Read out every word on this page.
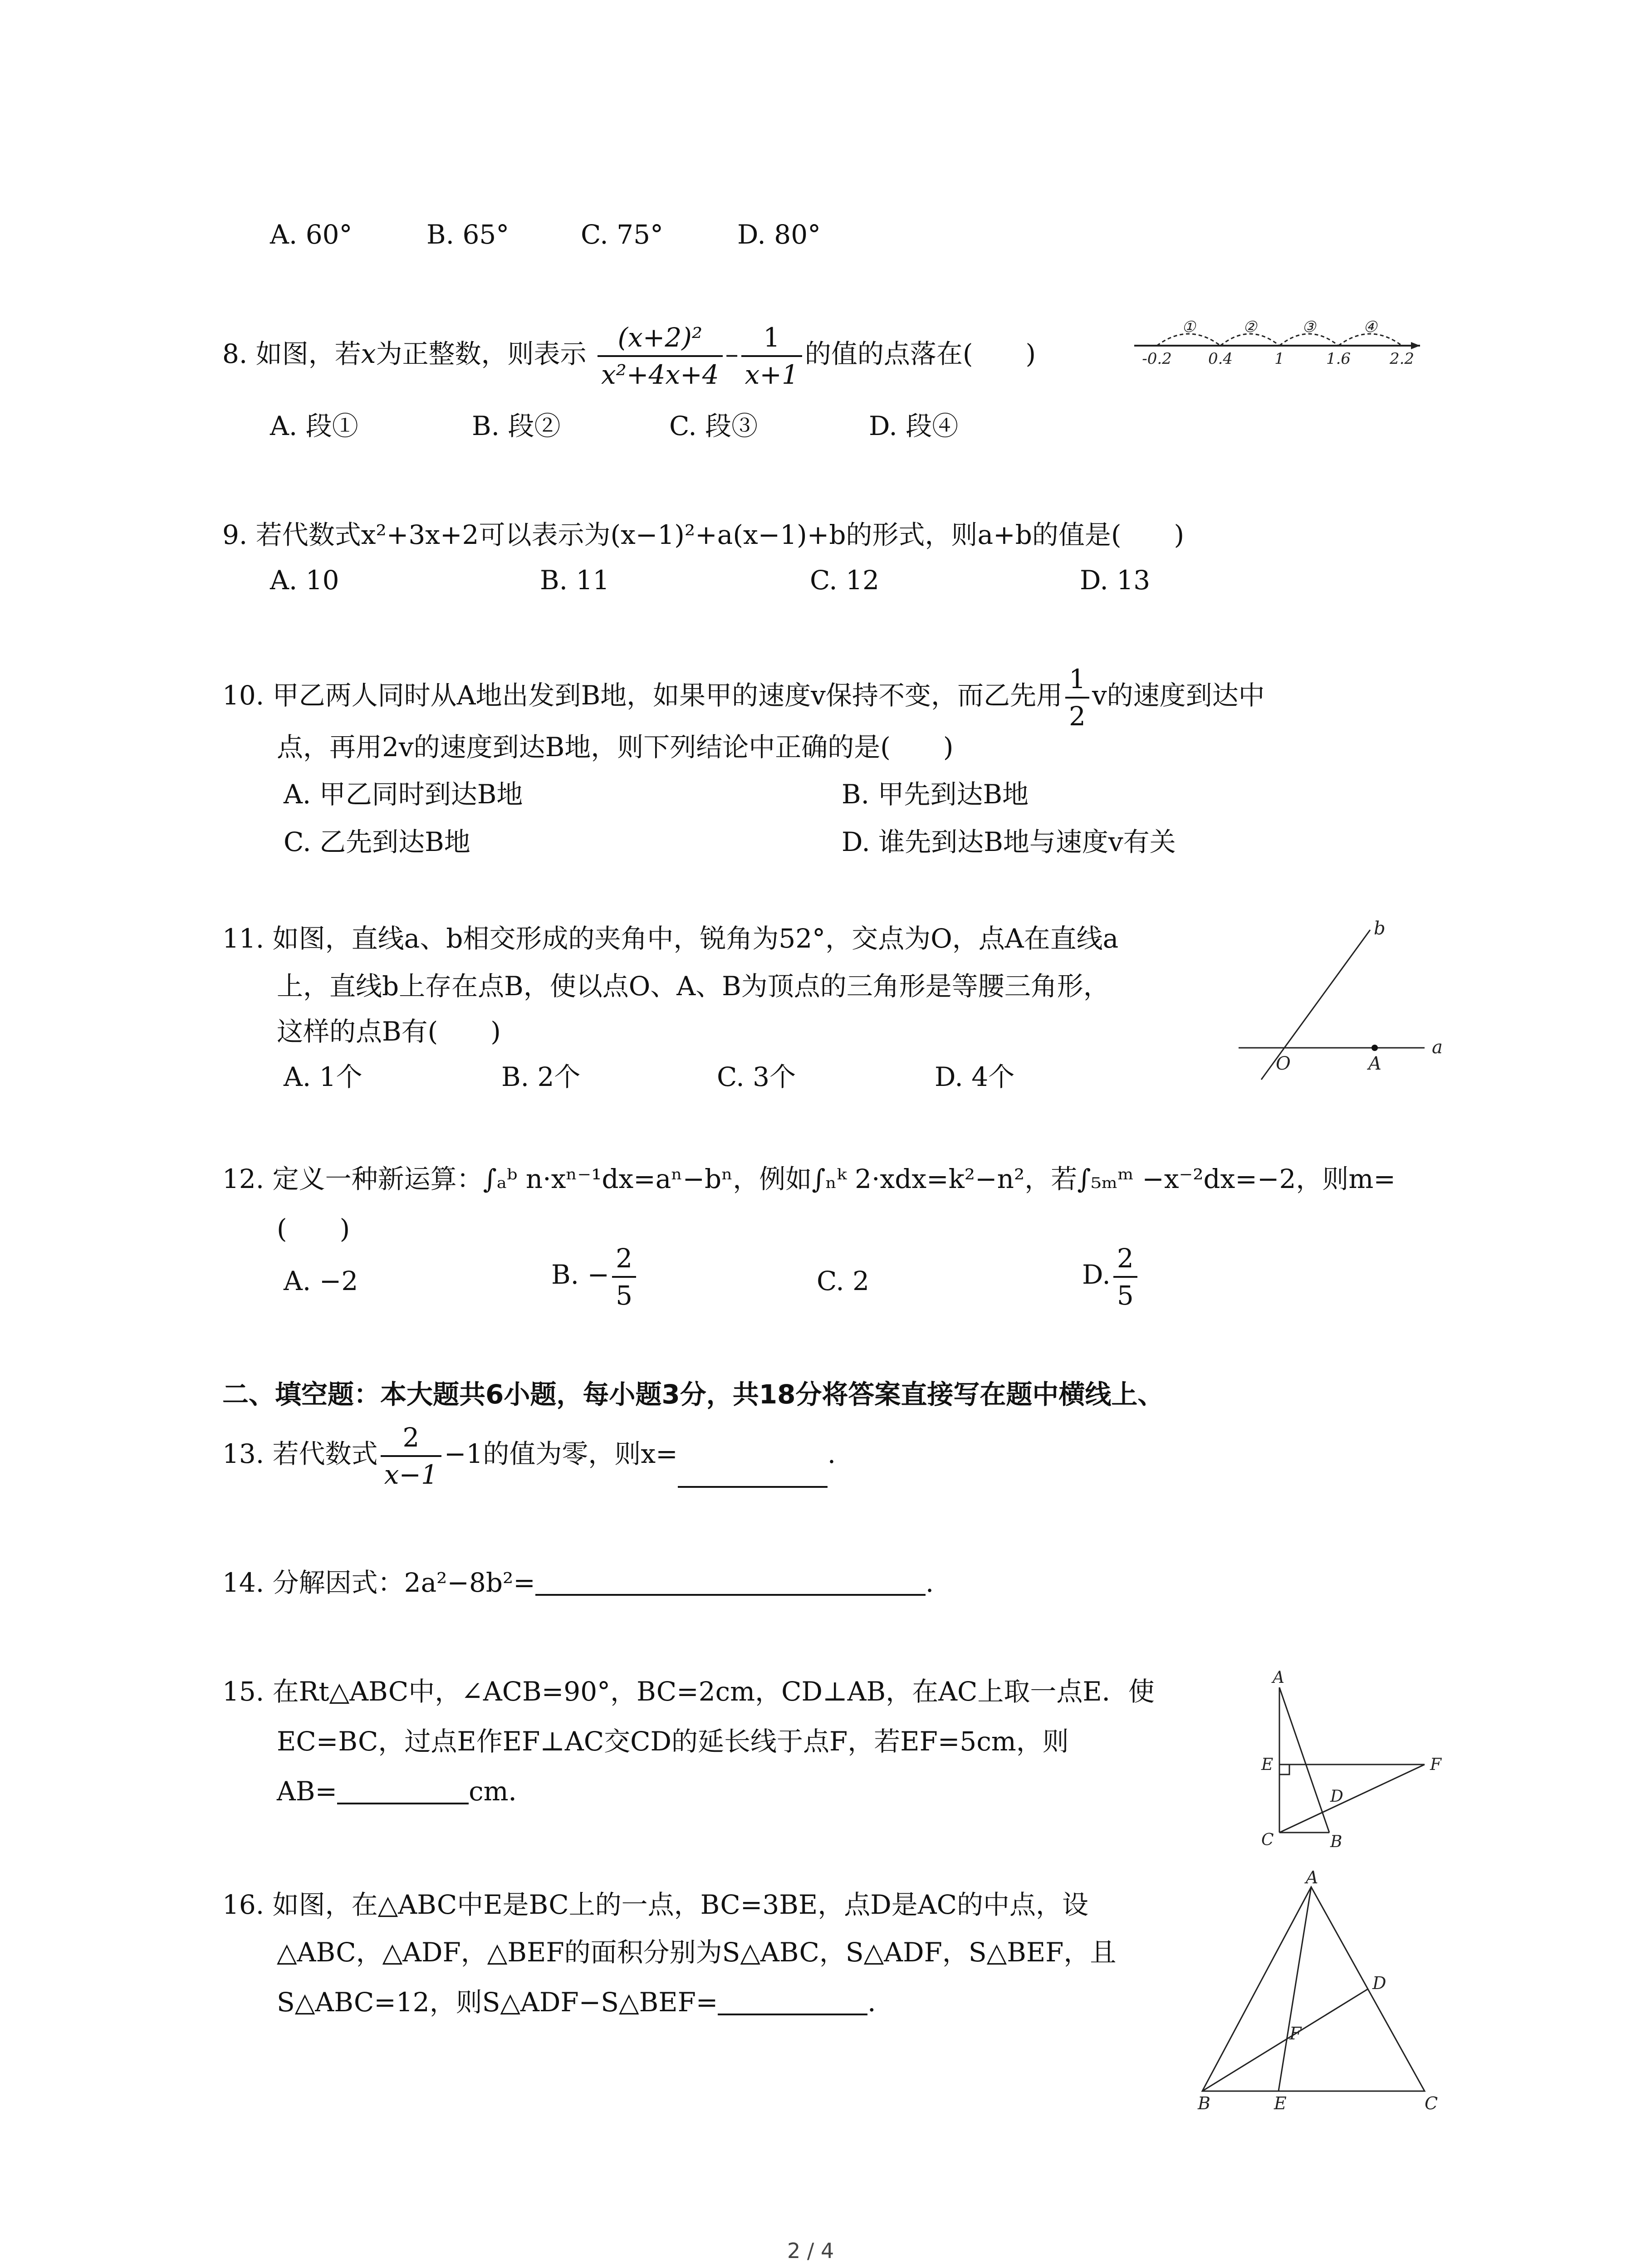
A. 60°	B. 65°	C. 75°	D. 80°
8. 如图，若x为正整数，则表示 $\frac{\text{(x+2)²}}{\text{x²+4x+4}} - \frac{1}{x+1}$ 的值的点落在(　　)
①	②	③	④
-0.2 0.4	1	1.6	2.2
A. 段①	B. 段②	C. 段③	D. 段④
9. 若代数式x²+3x+2可以表示为(x−1)²+a(x−1)+b的形式，则a+b的值是(　　)
A. 10	B. 11	C. 12	D. 13
10. 甲乙两人同时从A地出发到B地，如果甲的速度v保持不变，而乙先用 $\frac{1}{2}$ v的速度到达中
点，再用2v的速度到达B地，则下列结论中正确的是(　　)
A. 甲乙同时到达B地	B. 甲先到达B地
C. 乙先到达B地	D. 谁先到达B地与速度v有关
11. 如图，直线a、b相交形成的夹角中，锐角为52°，交点为O，点A在直线a
上，直线b上存在点B，使以点O、A、B为顶点的三角形是等腰三角形，
这样的点B有(　　)
A. 1个	B. 2个	C. 3个	D. 4个
b
a
O	A
12. 定义一种新运算：∫ₐᵇ n·xⁿ⁻¹dx=aⁿ−bⁿ，例如∫ₙᵏ 2·xdx=k²−n²，若∫₅ₘᵐ −x⁻²dx=−2，则m=
(　　)
A. −2	B. − $\frac{2}{5}$	C. 2	D. $\frac{2}{5}$
二、填空题：本大题共6小题，每小题3分，共18分将答案直接写在题中横线上、
13. 若代数式 $\frac{2}{x-1} -1$的值为零，则x=	.
14. 分解因式：2a²−8b²=	.
15. 在Rt△ABC中，∠ACB=90°，BC=2cm，CD⊥AB，在AC上取一点E．使
EC=BC，过点E作EF⊥AC交CD的延长线于点F，若EF=5cm，则
AB=	cm．
A
E	F
D
C	B
16. 如图，在△ABC中E是BC上的一点，BC=3BE，点D是AC的中点，设
△ABC，△ADF，△BEF的面积分别为S△ABC，S△ADF，S△BEF，且
S△ABC=12，则S△ADF−S△BEF=	．
A
D
F
B	E	C
2 / 4
